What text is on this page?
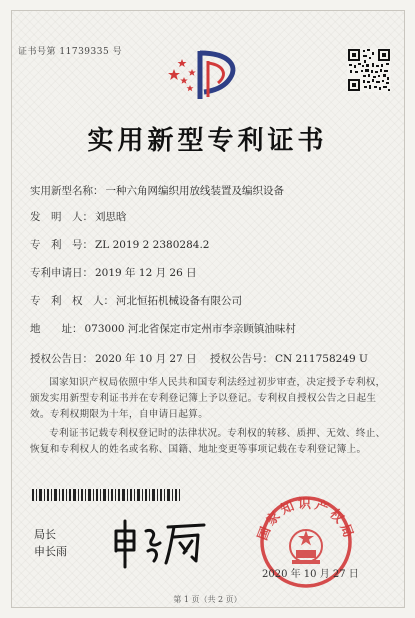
证书号第 11739335 号
实用新型专利证书
实用新型名称： 一种六角网编织用放线装置及编织设备
发　明　人： 刘思晗
专　利　号： ZL 2019 2 2380284.2
专利申请日： 2019 年 12 月 26 日
专　利　权　人： 河北恒拓机械设备有限公司
地　　址： 073000 河北省保定市定州市李亲顾镇油味村
授权公告日： 2020 年 10 月 27 日 授权公告号： CN 211758249 U
国家知识产权局依照中华人民共和国专利法经过初步审查，决定授予专利权，颁发实用新型专利证书并在专利登记簿上予以登记。专利权自授权公告之日起生效。专利权期限为十年，自申请日起算。
专利证书记载专利权登记时的法律状况。专利权的转移、质押、无效、终止、恢复和专利权人的姓名或名称、国籍、地址变更等事项记载在专利登记簿上。
局长
申长雨
国家知识产权局
2020 年 10 月 27 日
第 1 页（共 2 页）
